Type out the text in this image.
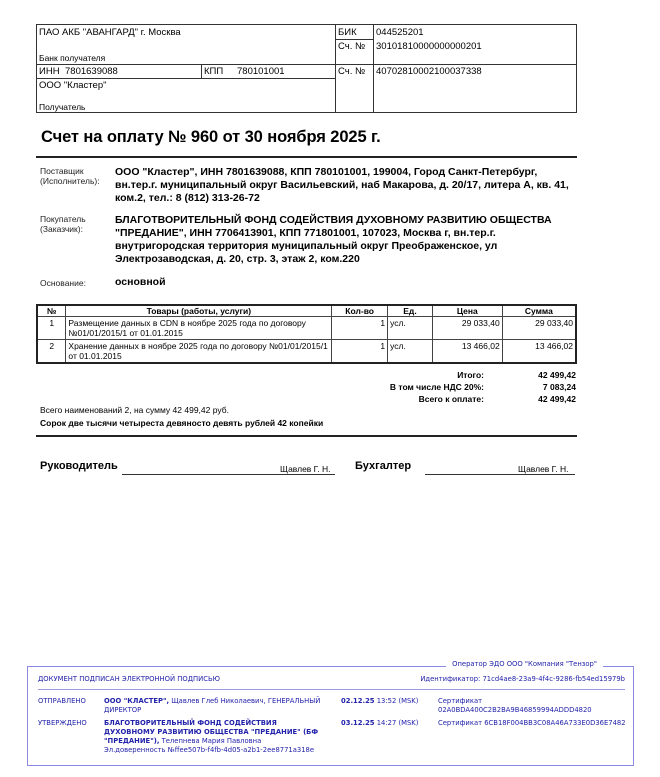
ПАО АКБ "АВАНГАРД" г. Москва
Банк получателя
ИНН 7801639088	КПП 780101001
ООО "Кластер"
Получатель
БИК 044525201
Сч. № 30101810000000000201
Сч. № 40702810002100037338
Счет на оплату № 960 от 30 ноября 2025 г.
Поставщик
(Исполнитель):
ООО "Кластер", ИНН 7801639088, КПП 780101001, 199004, Город Санкт-Петербург, вн.тер.г. муниципальный округ Васильевский, наб Макарова, д. 20/17, литера А, кв. 41, ком.2, тел.: 8 (812) 313-26-72
Покупатель
(Заказчик):
БЛАГОТВОРИТЕЛЬНЫЙ ФОНД СОДЕЙСТВИЯ ДУХОВНОМУ РАЗВИТИЮ ОБЩЕСТВА "ПРЕДАНИЕ", ИНН 7706413901, КПП 771801001, 107023, Москва г, вн.тер.г. внутригородская территория муниципальный округ Преображенское, ул Электрозаводская, д. 20, стр. 3, этаж 2, ком.220
Основание:	основной
№	Товары (работы, услуги)	Кол-во	Ед.	Цена	Сумма
1	Размещение данных в CDN в ноябре 2025 года по договору №01/01/2015/1 от 01.01.2015	1	усл.	29 033,40	29 033,40
2	Хранение данных в ноябре 2025 года по договору №01/01/2015/1 от 01.01.2015	1	усл.	13 466,02	13 466,02
Итого:	42 499,42
В том числе НДС 20%:	7 083,24
Всего к оплате:	42 499,42
Всего наименований 2, на сумму 42 499,42 руб.
Сорок две тысячи четыреста девяносто девять рублей 42 копейки
Руководитель	Щавлев Г. Н. Бухгалтер	Щавлев Г. Н.
Оператор ЭДО ООО "Компания "Тензор"
ДОКУМЕНТ ПОДПИСАН ЭЛЕКТРОННОЙ ПОДПИСЬЮ	Идентификатор: 71cd4ae8-23a9-4f4c-9286-fb54ed15979b
ОТПРАВЛЕНО	ООО "КЛАСТЕР", Щавлев Глеб Николаевич, ГЕНЕРАЛЬНЫЙ ДИРЕКТОР
02.12.25 13:52 (MSK)	Сертификат 02A0BDA400C2B2BA9B46859994ADDD4820
УТВЕРЖДЕНО	БЛАГОТВОРИТЕЛЬНЫЙ ФОНД СОДЕЙСТВИЯ ДУХОВНОМУ РАЗВИТИЮ ОБЩЕСТВА "ПРЕДАНИЕ" (БФ "ПРЕДАНИЕ"), Телепнева Мария Павловна
Эл.доверенность №ffee507b-f4fb-4d05-a2b1-2ee8771a318e
03.12.25 14:27 (MSK)	Сертификат 6CB18F004BB3C08A46A733E0D36E7482
